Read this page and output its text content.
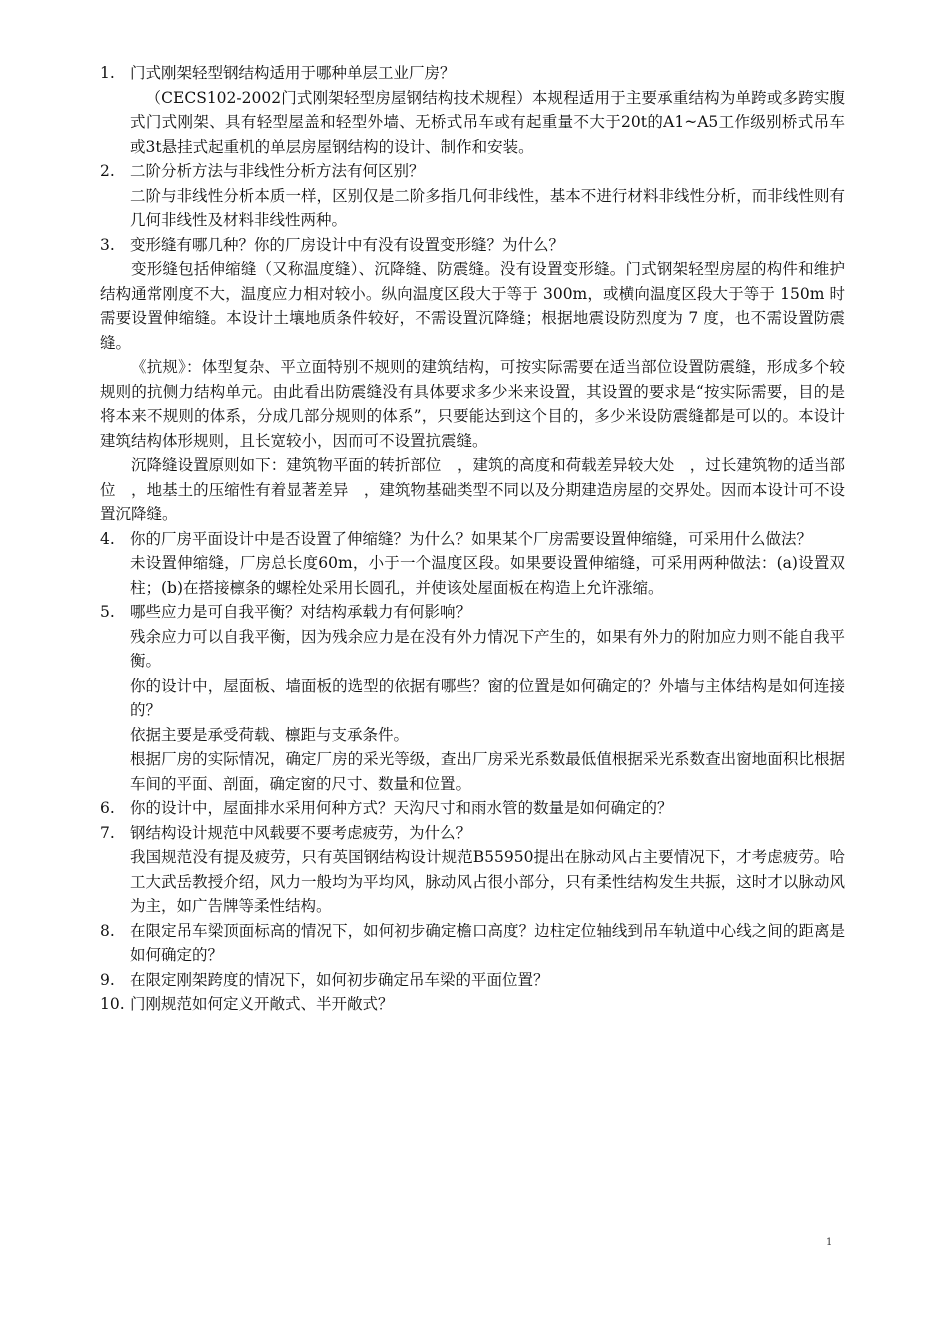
1. 门式刚架轻型钢结构适用于哪种单层工业厂房？
（CECS102-2002门式刚架轻型房屋钢结构技术规程）本规程适用于主要承重结构为单跨或多跨实腹式门式刚架、具有轻型屋盖和轻型外墙、无桥式吊车或有起重量不大于20t的A1~A5工作级别桥式吊车或3t悬挂式起重机的单层房屋钢结构的设计、制作和安装。
2. 二阶分析方法与非线性分析方法有何区别？
二阶与非线性分析本质一样，区别仅是二阶多指几何非线性，基本不进行材料非线性分析，而非线性则有几何非线性及材料非线性两种。
3. 变形缝有哪几种？你的厂房设计中有没有设置变形缝？为什么？
变形缝包括伸缩缝（又称温度缝）、沉降缝、防震缝。没有设置变形缝。门式钢架轻型房屋的构件和维护结构通常刚度不大，温度应力相对较小。纵向温度区段大于等于 300m，或横向温度区段大于等于 150m 时需要设置伸缩缝。本设计土壤地质条件较好，不需设置沉降缝；根据地震设防烈度为 7 度，也不需设置防震缝。
《抗规》：体型复杂、平立面特别不规则的建筑结构，可按实际需要在适当部位设置防震缝，形成多个较规则的抗侧力结构单元。由此看出防震缝没有具体要求多少米来设置，其设置的要求是“按实际需要，目的是将本来不规则的体系，分成几部分规则的体系”，只要能达到这个目的，多少米设防震缝都是可以的。本设计建筑结构体形规则，且长宽较小，因而可不设置抗震缝。
沉降缝设置原则如下：建筑物平面的转折部位　，建筑的高度和荷载差异较大处　，过长建筑物的适当部位　，地基土的压缩性有着显著差异　，建筑物基础类型不同以及分期建造房屋的交界处。因而本设计可不设置沉降缝。
4. 你的厂房平面设计中是否设置了伸缩缝？为什么？如果某个厂房需要设置伸缩缝，可采用什么做法？
未设置伸缩缝，厂房总长度60m，小于一个温度区段。如果要设置伸缩缝，可采用两种做法：(a)设置双柱；(b)在搭接檩条的螺栓处采用长圆孔，并使该处屋面板在构造上允许涨缩。
5. 哪些应力是可自我平衡？对结构承载力有何影响？
残余应力可以自我平衡，因为残余应力是在没有外力情况下产生的，如果有外力的附加应力则不能自我平衡。
你的设计中，屋面板、墙面板的选型的依据有哪些？窗的位置是如何确定的？外墙与主体结构是如何连接的？
依据主要是承受荷载、檩距与支承条件。
根据厂房的实际情况，确定厂房的采光等级，查出厂房采光系数最低值根据采光系数查出窗地面积比根据车间的平面、剖面，确定窗的尺寸、数量和位置。
6. 你的设计中，屋面排水采用何种方式？天沟尺寸和雨水管的数量是如何确定的？
7. 钢结构设计规范中风载要不要考虑疲劳，为什么？
我国规范没有提及疲劳，只有英国钢结构设计规范B55950提出在脉动风占主要情况下，才考虑疲劳。哈工大武岳教授介绍，风力一般均为平均风，脉动风占很小部分，只有柔性结构发生共振，这时才以脉动风为主，如广告牌等柔性结构。
8. 在限定吊车梁顶面标高的情况下，如何初步确定檐口高度？边柱定位轴线到吊车轨道中心线之间的距离是如何确定的？
9. 在限定刚架跨度的情况下，如何初步确定吊车梁的平面位置？
10. 门刚规范如何定义开敞式、半开敞式？
1
